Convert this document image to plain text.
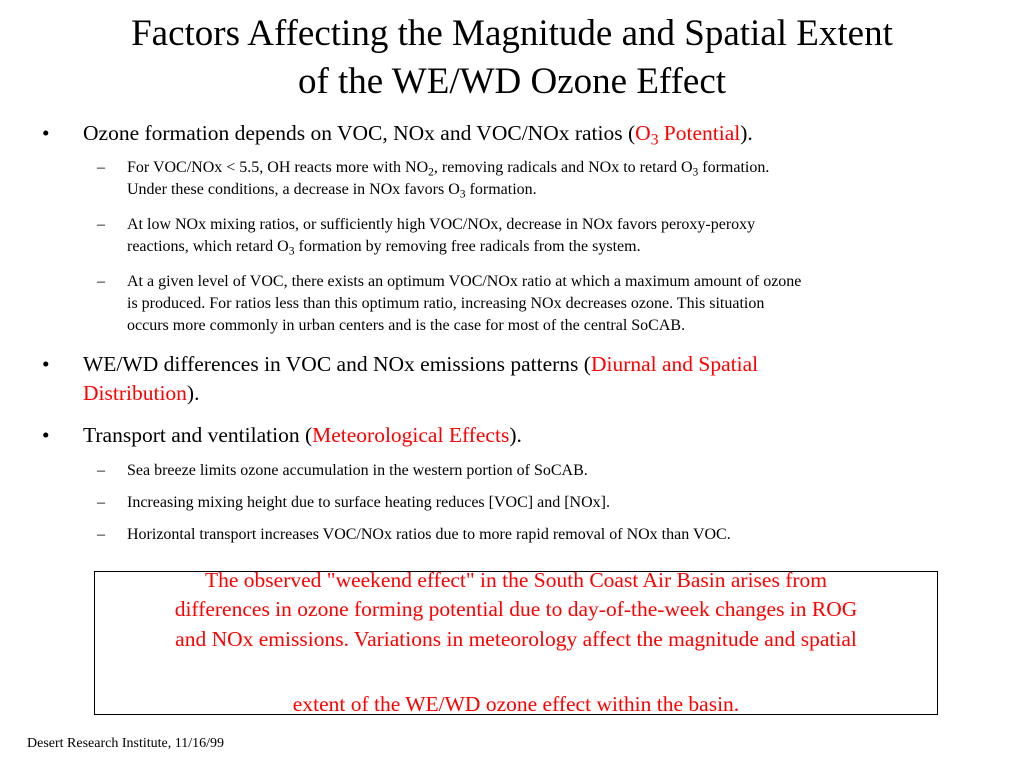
Factors Affecting the Magnitude and Spatial Extent
of the WE/WD Ozone Effect
• Ozone formation depends on VOC, NOx and VOC/NOx ratios ($O_3$ Potential).
– For VOC/NOx < 5.5, OH reacts more with $NO_2$, removing radicals and NOx to retard $O_3$ formation.
Under these conditions, a decrease in NOx favors $O_3$ formation.
– At low NOx mixing ratios, or sufficiently high VOC/NOx, decrease in NOx favors peroxy-peroxy
reactions, which retard $O_3$ formation by removing free radicals from the system.
– At a given level of VOC, there exists an optimum VOC/NOx ratio at which a maximum amount of ozone
is produced. For ratios less than this optimum ratio, increasing NOx decreases ozone. This situation
occurs more commonly in urban centers and is the case for most of the central SoCAB.
• WE/WD differences in VOC and NOx emissions patterns (Diurnal and Spatial
Distribution).
• Transport and ventilation (Meteorological Effects).
– Sea breeze limits ozone accumulation in the western portion of SoCAB.
– Increasing mixing height due to surface heating reduces [VOC] and [NOx].
– Horizontal transport increases VOC/NOx ratios due to more rapid removal of NOx than VOC.
The observed "weekend effect" in the South Coast Air Basin arises from
differences in ozone forming potential due to day-of-the-week changes in ROG
and NOx emissions. Variations in meteorology affect the magnitude and spatial
extent of the WE/WD ozone effect within the basin.
Desert Research Institute, 11/16/99
